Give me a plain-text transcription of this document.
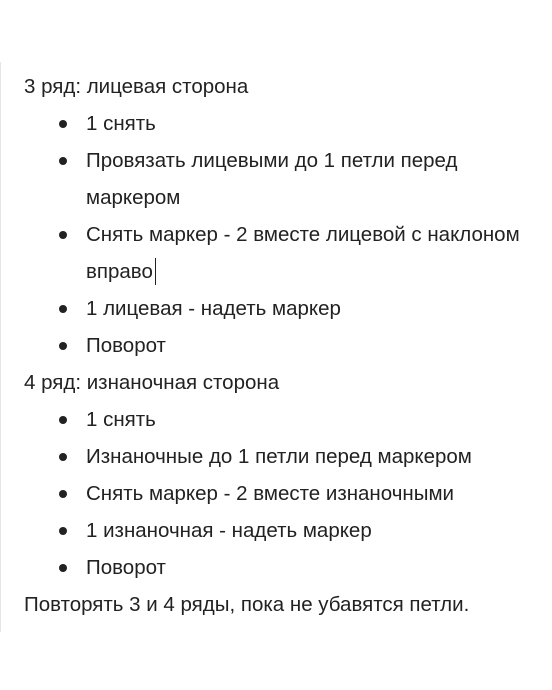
3 ряд: лицевая сторона

1 снять
Провязать лицевыми до 1 петли перед маркером
Снять маркер - 2 вместе лицевой с наклоном вправо
1 лицевая - надеть маркер
Поворот

4 ряд: изнаночная сторона

1 снять
Изнаночные до 1 петли перед маркером
Снять маркер - 2 вместе изнаночными
1 изнаночная - надеть маркер
Поворот

Повторять 3 и 4 ряды, пока не убавятся петли.
